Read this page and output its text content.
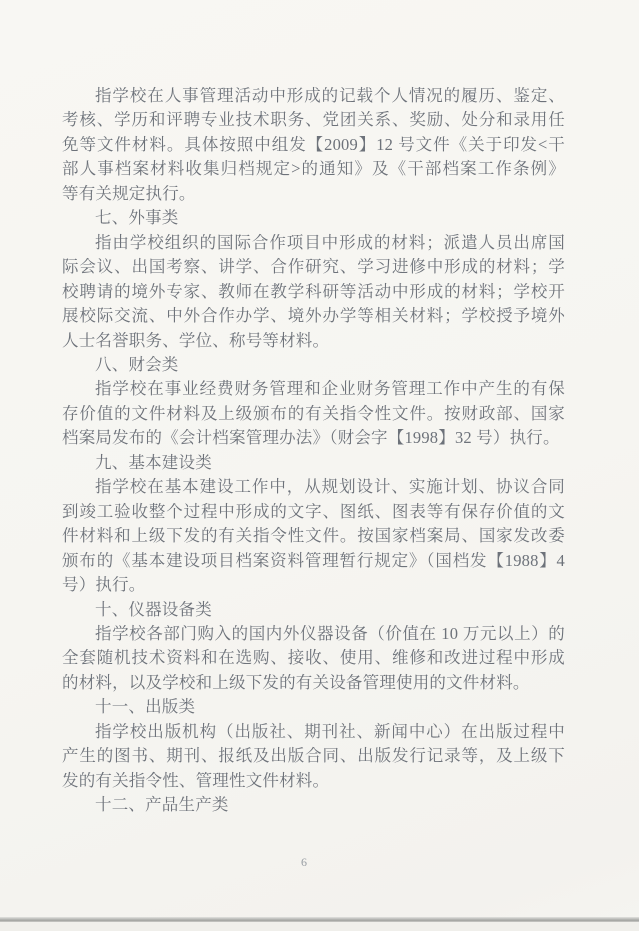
指学校在人事管理活动中形成的记载个人情况的履历、鉴定、
考核、学历和评聘专业技术职务、党团关系、奖励、处分和录用任
免等文件材料。具体按照中组发【2009】12 号文件《关于印发<干
部人事档案材料收集归档规定>的通知》及《干部档案工作条例》
等有关规定执行。
七、外事类
指由学校组织的国际合作项目中形成的材料；派遣人员出席国
际会议、出国考察、讲学、合作研究、学习进修中形成的材料；学
校聘请的境外专家、教师在教学科研等活动中形成的材料；学校开
展校际交流、中外合作办学、境外办学等相关材料；学校授予境外
人士名誉职务、学位、称号等材料。
八、财会类
指学校在事业经费财务管理和企业财务管理工作中产生的有保
存价值的文件材料及上级颁布的有关指令性文件。按财政部、国家
档案局发布的《会计档案管理办法》（财会字【1998】32 号）执行。
九、基本建设类
指学校在基本建设工作中，从规划设计、实施计划、协议合同
到竣工验收整个过程中形成的文字、图纸、图表等有保存价值的文
件材料和上级下发的有关指令性文件。按国家档案局、国家发改委
颁布的《基本建设项目档案资料管理暂行规定》（国档发【1988】4
号）执行。
十、仪器设备类
指学校各部门购入的国内外仪器设备（价值在 10 万元以上）的
全套随机技术资料和在选购、接收、使用、维修和改进过程中形成
的材料，以及学校和上级下发的有关设备管理使用的文件材料。
十一、出版类
指学校出版机构（出版社、期刊社、新闻中心）在出版过程中
产生的图书、期刊、报纸及出版合同、出版发行记录等，及上级下
发的有关指令性、管理性文件材料。
十二、产品生产类
6
